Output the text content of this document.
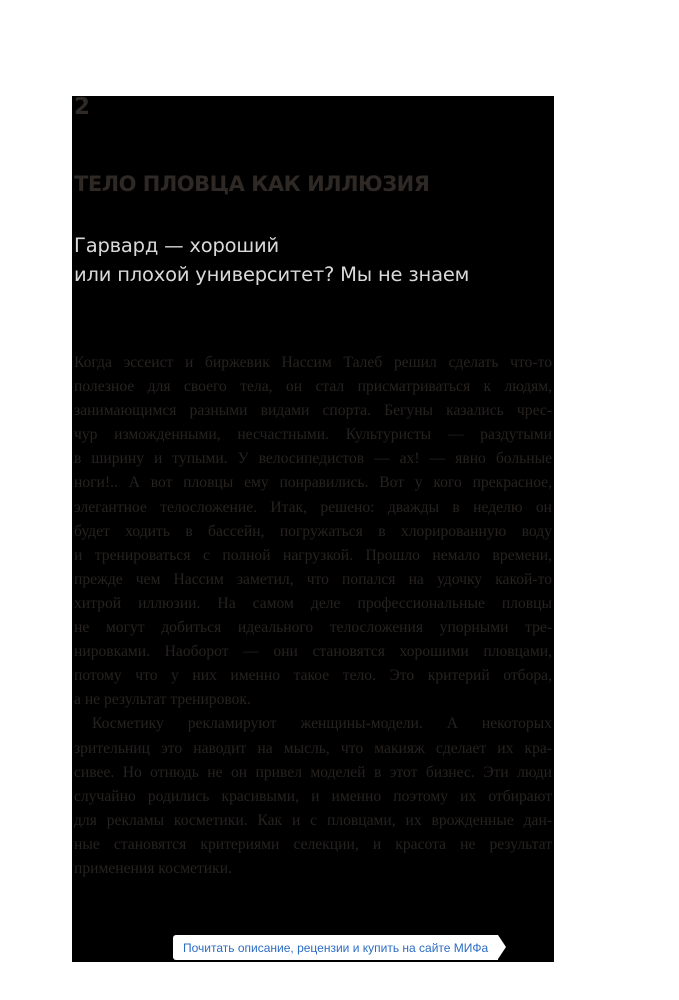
2
ТЕЛО ПЛОВЦА КАК ИЛЛЮЗИЯ
Гарвард — хороший
или плохой университет? Мы не знаем
Когда эссеист и биржевик Нассим Талеб решил сделать что-то
полезное для своего тела, он стал присматриваться к людям,
занимающимся разными видами спорта. Бегуны казались чрес-
чур изможденными, несчастными. Культуристы — раздутыми
в ширину и тупыми. У велосипедистов — ах! — явно больные
ноги!.. А вот пловцы ему понравились. Вот у кого прекрасное,
элегантное телосложение. Итак, решено: дважды в неделю он
будет ходить в бассейн, погружаться в хлорированную воду
и тренироваться с полной нагрузкой. Прошло немало времени,
прежде чем Нассим заметил, что попался на удочку какой-то
хитрой иллюзии. На самом деле профессиональные пловцы
не могут добиться идеального телосложения упорными тре-
нировками. Наоборот — они становятся хорошими пловцами,
потому что у них именно такое тело. Это критерий отбора,
а не результат тренировок.
Косметику рекламируют женщины-модели. А некоторых
зрительниц это наводит на мысль, что макияж сделает их кра-
сивее. Но отнюдь не он привел моделей в этот бизнес. Эти люди
случайно родились красивыми, и именно поэтому их отбирают
для рекламы косметики. Как и с пловцами, их врожденные дан-
ные становятся критериями селекции, и красота не результат
применения косметики.
Почитать описание, рецензии и купить на сайте МИФа
